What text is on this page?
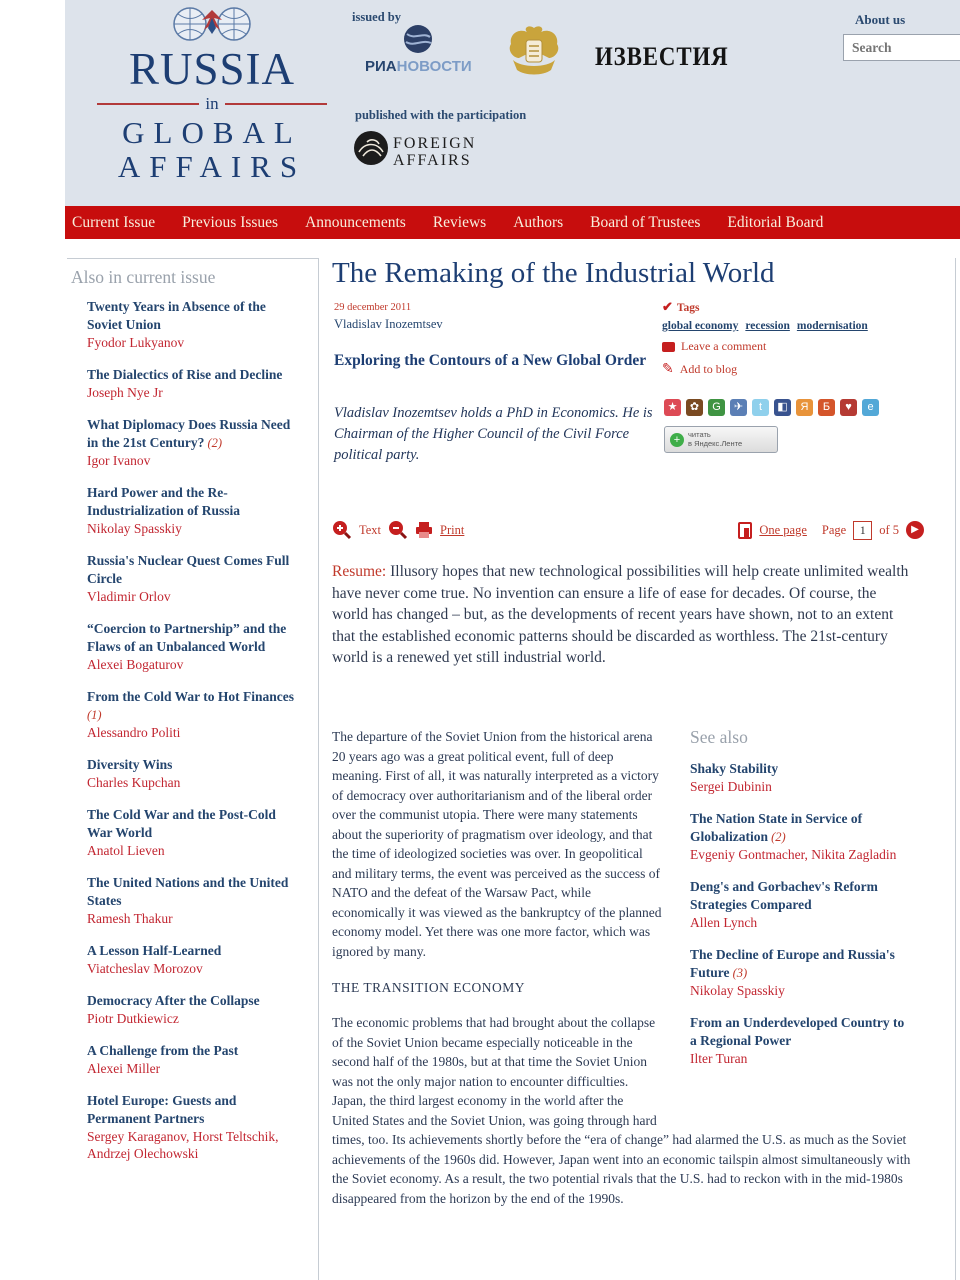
RUSSIA
in
GLOBAL
AFFAIRS
issued by
РИАНОВОСТИ	ИЗВЕСТИЯ
published with the participation
FOREIGN
AFFAIRS
About us
Search
Current Issue Previous Issues Announcements Reviews Authors Board of Trustees Editorial Board
Also in current issue
Twenty Years in Absence of the Soviet Union
Fyodor Lukyanov
The Dialectics of Rise and Decline
Joseph Nye Jr
What Diplomacy Does Russia Need in the 21st Century? (2)
Igor Ivanov
Hard Power and the Re-Industrialization of Russia
Nikolay Spasskiy
Russia's Nuclear Quest Comes Full Circle
Vladimir Orlov
“Coercion to Partnership” and the Flaws of an Unbalanced World
Alexei Bogaturov
From the Cold War to Hot Finances (1)
Alessandro Politi
Diversity Wins
Charles Kupchan
The Cold War and the Post-Cold War World
Anatol Lieven
The United Nations and the United States
Ramesh Thakur
A Lesson Half-Learned
Viatcheslav Morozov
Democracy After the Collapse
Piotr Dutkiewicz
A Challenge from the Past
Alexei Miller
Hotel Europe: Guests and Permanent Partners
Sergey Karaganov, Horst Teltschik, Andrzej Olechowski
The Remaking of the Industrial World
29 december 2011
Vladislav Inozemtsev
✔ Tags
global economy recession modernisation
Leave a comment
✎ Add to blog
Exploring the Contours of a New Global Order
Vladislav Inozemtsev holds a PhD in Economics. He is Chairman of the Higher Council of the Civil Force political party.
★	✿	G	✈	t	◧	Я	Б	♥	e
+	читать
в Яндекс.Ленте
Text	Print	One page Page
1	of 5	▶

Resume: Illusory hopes that new technological possibilities will help create unlimited wealth have never come true. No invention can ensure a life of ease for decades. Of course, the world has changed – but, as the developments of recent years have shown, not to an extent that the established economic patterns should be discarded as worthless. The 21st-century world is a renewed yet still industrial world.

See also
Shaky Stability
Sergei Dubinin
The Nation State in Service of Globalization (2)
Evgeniy Gontmacher, Nikita Zagladin
Deng's and Gorbachev's Reform Strategies Compared
Allen Lynch
The Decline of Europe and Russia's Future (3)
Nikolay Spasskiy
From an Underdeveloped Country to a Regional Power
Ilter Turan

The departure of the Soviet Union from the historical arena 20 years ago was a great political event, full of deep meaning. First of all, it was naturally interpreted as a victory of democracy over authoritarianism and of the liberal order over the communist utopia. There were many statements about the superiority of pragmatism over ideology, and that the time of ideologized societies was over. In geopolitical and military terms, the event was perceived as the success of NATO and the defeat of the Warsaw Pact, while economically it was viewed as the bankruptcy of the planned economy model. Yet there was one more factor, which was ignored by many.

THE TRANSITION ECONOMY

The economic problems that had brought about the collapse of the Soviet Union became especially noticeable in the second half of the 1980s, but at that time the Soviet Union was not the only major nation to encounter difficulties. Japan, the third largest economy in the world after the United States and the Soviet Union, was going through hard times, too. Its achievements shortly before the “era of change” had alarmed the U.S. as much as the Soviet achievements of the 1960s did. However, Japan went into an economic tailspin almost simultaneously with the Soviet economy. As a result, the two potential rivals that the U.S. had to reckon with in the mid-1980s disappeared from the horizon by the end of the 1990s.
